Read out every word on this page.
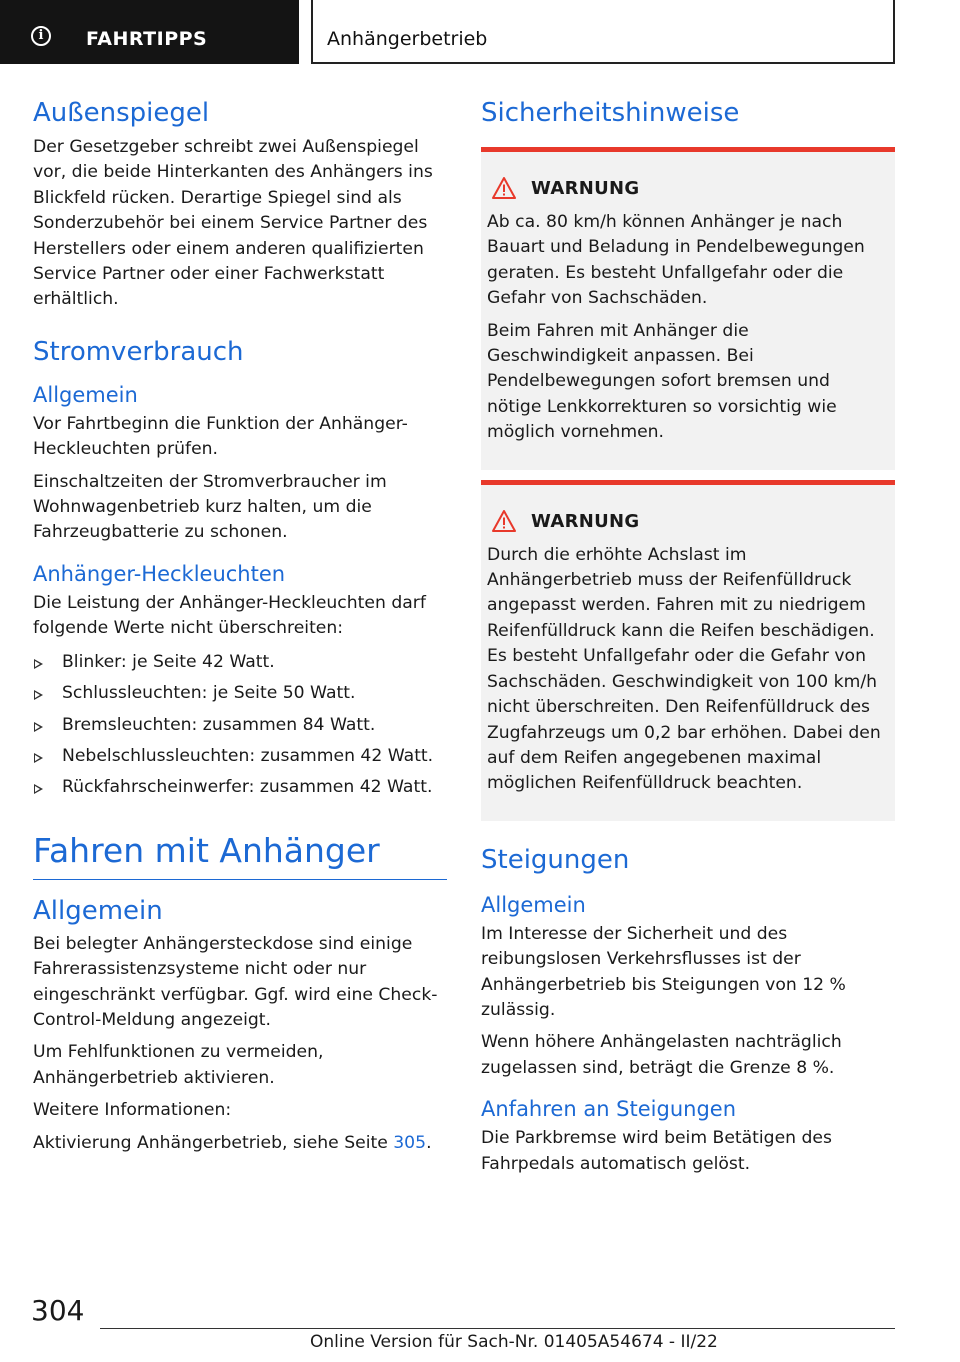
i	FAHRTIPPS	Anhängerbetrieb
Außenspiegel

Der Gesetzgeber schreibt zwei Außenspiegel vor, die beide Hinterkanten des Anhängers ins Blickfeld rücken. Derartige Spiegel sind als Sonderzubehör bei einem Service Partner des Herstellers oder einem anderen qualifizierten Service Partner oder einer Fachwerkstatt erhältlich.

Stromverbrauch
Allgemein

Vor Fahrtbeginn die Funktion der Anhänger-Heckleuchten prüfen.

Einschaltzeiten der Stromverbraucher im Wohnwagenbetrieb kurz halten, um die Fahrzeugbatterie zu schonen.

Anhänger-Heckleuchten

Die Leistung der Anhänger-Heckleuchten darf folgende Werte nicht überschreiten:

Blinker: je Seite 42 Watt.
Schlussleuchten: je Seite 50 Watt.
Bremsleuchten: zusammen 84 Watt.
Nebelschlussleuchten: zusammen 42 Watt.
Rückfahrscheinwerfer: zusammen 42 Watt.
Fahren mit Anhänger
Allgemein

Bei belegter Anhängersteckdose sind einige Fahrerassistenzsysteme nicht oder nur eingeschränkt verfügbar. Ggf. wird eine Check-Control-Meldung angezeigt.

Um Fehlfunktionen zu vermeiden, Anhängerbetrieb aktivieren.

Weitere Informationen:

Aktivierung Anhängerbetrieb, siehe Seite 305.

Sicherheitshinweise
WARNUNG

Ab ca. 80 km/h können Anhänger je nach Bauart und Beladung in Pendelbewegungen geraten. Es besteht Unfallgefahr oder die Gefahr von Sachschäden.

Beim Fahren mit Anhänger die Geschwindigkeit anpassen. Bei Pendelbewegungen sofort bremsen und nötige Lenkkorrekturen so vorsichtig wie möglich vornehmen.

WARNUNG

Durch die erhöhte Achslast im Anhängerbetrieb muss der Reifenfülldruck angepasst werden. Fahren mit zu niedrigem Reifenfülldruck kann die Reifen beschädigen. Es besteht Unfallgefahr oder die Gefahr von Sachschäden. Geschwindigkeit von 100 km/h nicht überschreiten. Den Reifenfülldruck des Zugfahrzeugs um 0,2 bar erhöhen. Dabei den auf dem Reifen angegebenen maximal möglichen Reifenfülldruck beachten.

Steigungen
Allgemein

Im Interesse der Sicherheit und des reibungslosen Verkehrsflusses ist der Anhängerbetrieb bis Steigungen von 12 % zulässig.

Wenn höhere Anhängelasten nachträglich zugelassen sind, beträgt die Grenze 8 %.

Anfahren an Steigungen

Die Parkbremse wird beim Betätigen des Fahrpedals automatisch gelöst.

304
Online Version für Sach-Nr. 01405A54674 - II/22
